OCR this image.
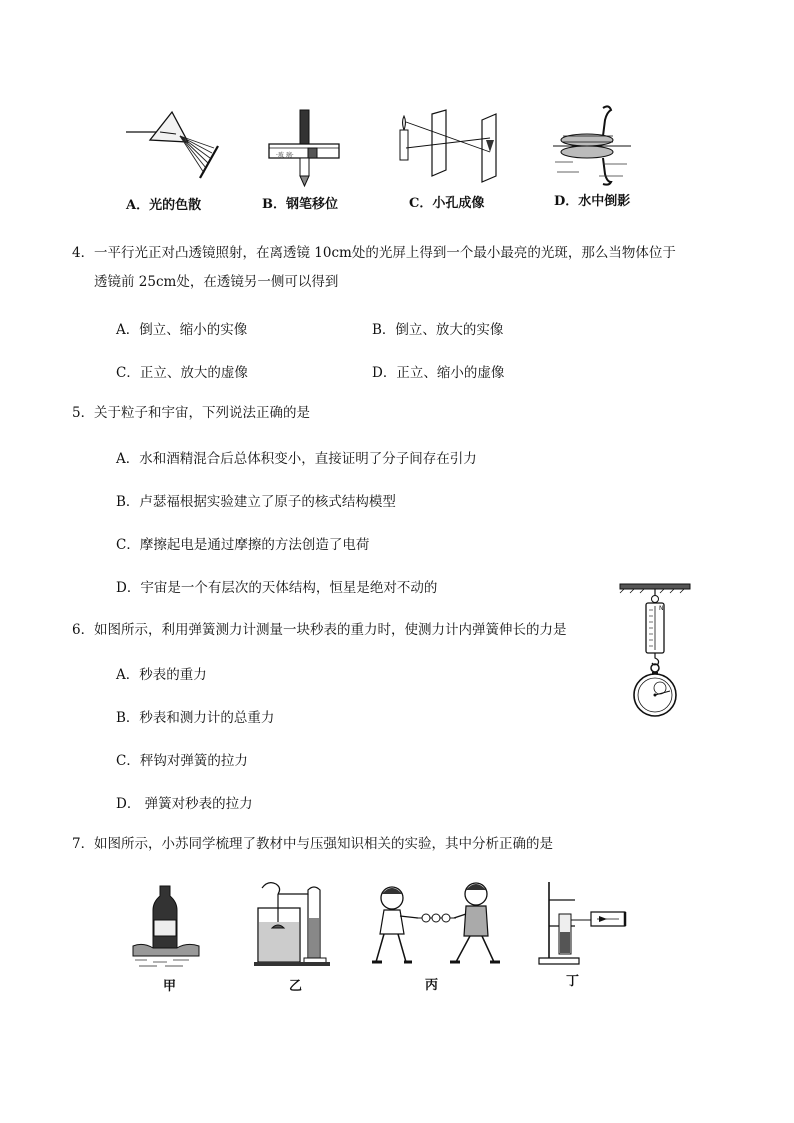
·玻 璃·
A．光的色散	B．钢笔移位	C．小孔成像	D．水中倒影
4． 一平行光正对凸透镜照射，在离透镜 10cm处的光屏上得到一个最小最亮的光斑，那么当物体位于
透镜前 25cm处，在透镜另一侧可以得到
A．倒立、缩小的实像	B．倒立、放大的实像
C．正立、放大的虚像	D．正立、缩小的虚像
5． 关于粒子和宇宙，下列说法正确的是
A．水和酒精混合后总体积变小，直接证明了分子间存在引力
B．卢瑟福根据实验建立了原子的核式结构模型
C．摩擦起电是通过摩擦的方法创造了电荷
D．宇宙是一个有层次的天体结构，恒星是绝对不动的
6． 如图所示，利用弹簧测力计测量一块秒表的重力时，使测力计内弹簧伸长的力是
A．秒表的重力
B．秒表和测力计的总重力
C．秤钩对弹簧的拉力
D． 弹簧对秒表的拉力
N
7． 如图所示，小苏同学梳理了教材中与压强知识相关的实验，其中分析正确的是
甲	乙	丙	丁
